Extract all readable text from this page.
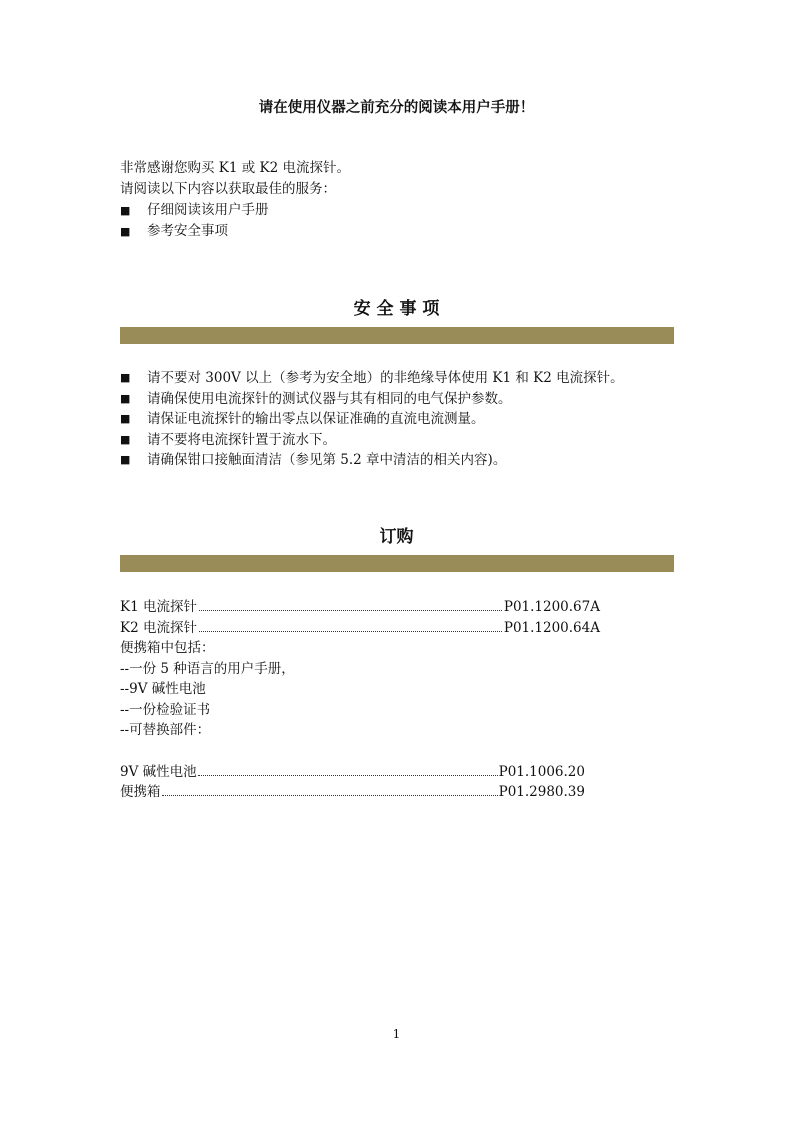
请在使用仪器之前充分的阅读本用户手册！
非常感谢您购买 K1 或 K2 电流探针。
请阅读以下内容以获取最佳的服务：
■	仔细阅读该用户手册
■	参考安全事项
安 全 事 项
■	请不要对 300V 以上（参考为安全地）的非绝缘导体使用 K1 和 K2 电流探针。
■	请确保使用电流探针的测试仪器与其有相同的电气保护参数。
■	请保证电流探针的输出零点以保证准确的直流电流测量。
■	请不要将电流探针置于流水下。
■	请确保钳口接触面清洁（参见第 5.2 章中清洁的相关内容)。
订购
K1 电流探针	P01.1200.67A
K2 电流探针	P01.1200.64A
便携箱中包括：
--一份 5 种语言的用户手册，
--9V 碱性电池
--一份检验证书
--可替换部件：
9V 碱性电池	P01.1006.20
便携箱	P01.2980.39
1
